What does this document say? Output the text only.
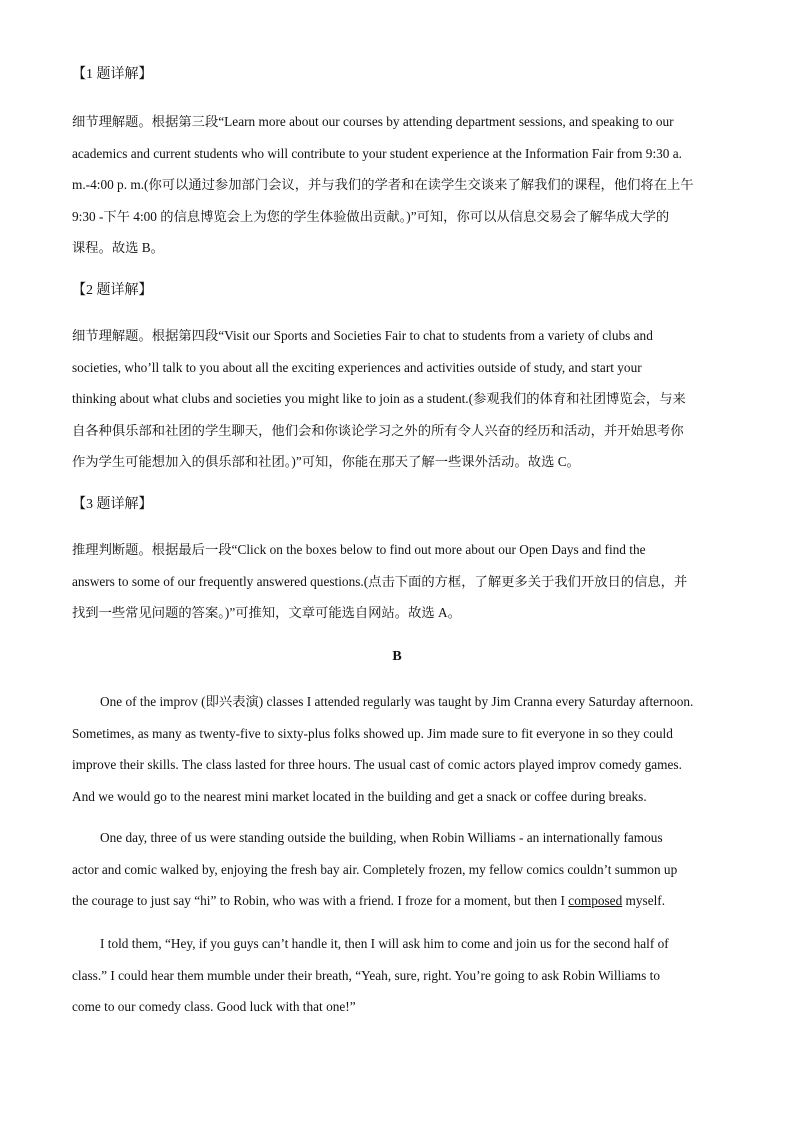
【1 题详解】
细节理解题。根据第三段“Learn more about our courses by attending department sessions, and speaking to our
academics and current students who will contribute to your student experience at the Information Fair from 9:30 a.
m.-4:00 p. m.(你可以通过参加部门会议，并与我们的学者和在读学生交谈来了解我们的课程，他们将在上午
9:30 -下午 4:00 的信息博览会上为您的学生体验做出贡献。)”可知，你可以从信息交易会了解华成大学的
课程。故选 B。
【2 题详解】
细节理解题。根据第四段“Visit our Sports and Societies Fair to chat to students from a variety of clubs and
societies, who’ll talk to you about all the exciting experiences and activities outside of study, and start your
thinking about what clubs and societies you might like to join as a student.(参观我们的体育和社团博览会，与来
自各种俱乐部和社团的学生聊天，他们会和你谈论学习之外的所有令人兴奋的经历和活动，并开始思考你
作为学生可能想加入的俱乐部和社团。)”可知，你能在那天了解一些课外活动。故选 C。
【3 题详解】
推理判断题。根据最后一段“Click on the boxes below to find out more about our Open Days and find the
answers to some of our frequently answered questions.(点击下面的方框，了解更多关于我们开放日的信息，并
找到一些常见问题的答案。)”可推知，文章可能选自网站。故选 A。
B
One of the improv (即兴表演) classes I attended regularly was taught by Jim Cranna every Saturday afternoon.
Sometimes, as many as twenty-five to sixty-plus folks showed up. Jim made sure to fit everyone in so they could
improve their skills. The class lasted for three hours. The usual cast of comic actors played improv comedy games.
And we would go to the nearest mini market located in the building and get a snack or coffee during breaks.
One day, three of us were standing outside the building, when Robin Williams - an internationally famous
actor and comic walked by, enjoying the fresh bay air. Completely frozen, my fellow comics couldn’t summon up
the courage to just say “hi” to Robin, who was with a friend. I froze for a moment, but then I composed myself.
I told them, “Hey, if you guys can’t handle it, then I will ask him to come and join us for the second half of
class.” I could hear them mumble under their breath, “Yeah, sure, right. You’re going to ask Robin Williams to
come to our comedy class. Good luck with that one!”
